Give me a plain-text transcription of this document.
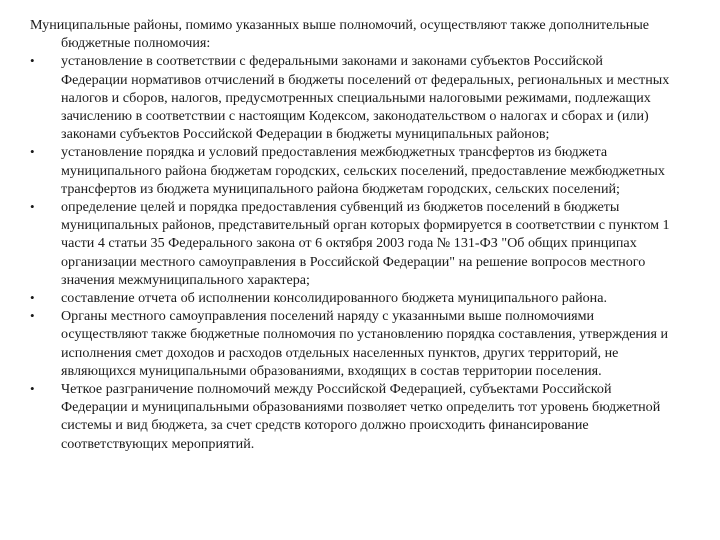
Муниципальные районы, помимо указанных выше полномочий, осуществляют также дополнительные бюджетные полномочия:

•	установление в соответствии с федеральными законами и законами субъектов Российской Федерации нормативов отчислений в бюджеты поселений от федеральных, региональных и местных налогов и сборов, налогов, предусмотренных специальными налоговыми режимами, подлежащих зачислению в соответствии с настоящим Кодексом, законодательством о налогах и сборах и (или) законами субъектов Российской Федерации в бюджеты муниципальных районов;

•	установление порядка и условий предоставления межбюджетных трансфертов из бюджета муниципального района бюджетам городских, сельских поселений, предоставление межбюджетных трансфертов из бюджета муниципального района бюджетам городских, сельских поселений;

•	определение целей и порядка предоставления субвенций из бюджетов поселений в бюджеты муниципальных районов, представительный орган которых формируется в соответствии с пунктом 1 части 4 статьи 35 Федерального закона от 6 октября 2003 года № 131-ФЗ "Об общих принципах организации местного самоуправления в Российской Федерации" на решение вопросов местного значения межмуниципального характера;

•	составление отчета об исполнении консолидированного бюджета муниципального района.

•	Органы местного самоуправления поселений наряду с указанными выше полномочиями осуществляют также бюджетные полномочия по установлению порядка составления, утверждения и исполнения смет доходов и расходов отдельных населенных пунктов, других территорий, не являющихся муниципальными образованиями, входящих в состав территории поселения.

•	Четкое разграничение полномочий между Российской Федерацией, субъектами Российской Федерации и муниципальными образованиями позволяет четко определить тот уровень бюджетной системы и вид бюджета, за счет средств которого должно происходить финансирование соответствующих мероприятий.
